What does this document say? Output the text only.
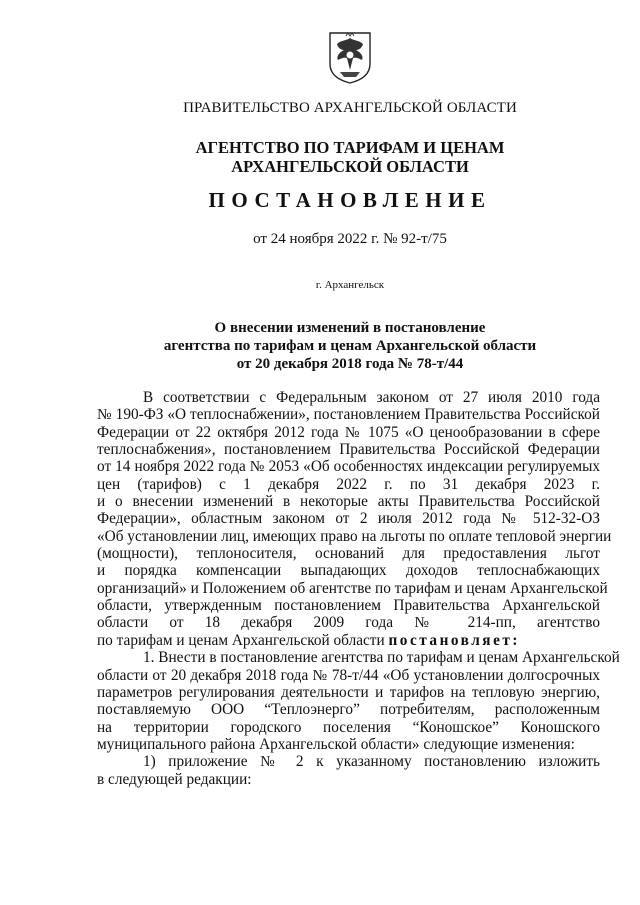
ПРАВИТЕЛЬСТВО АРХАНГЕЛЬСКОЙ ОБЛАСТИ
АГЕНТСТВО ПО ТАРИФАМ И ЦЕНАМ
АРХАНГЕЛЬСКОЙ ОБЛАСТИ
ПОСТАНОВЛЕНИЕ
от 24 ноября 2022 г. № 92-т/75
г. Архангельск
О внесении изменений в постановление
агентства по тарифам и ценам Архангельской области
от 20 декабря 2018 года № 78-т/44
В соответствии с Федеральным законом от 27 июля 2010 года
№ 190-ФЗ «О теплоснабжении», постановлением Правительства Российской
Федерации от 22 октября 2012 года № 1075 «О ценообразовании в сфере
теплоснабжения», постановлением Правительства Российской Федерации
от 14 ноября 2022 года № 2053 «Об особенностях индексации регулируемых
цен (тарифов) с 1 декабря 2022 г. по 31 декабря 2023 г.
и о внесении изменений в некоторые акты Правительства Российской
Федерации», областным законом от 2 июля 2012 года № 512-32-ОЗ
«Об установлении лиц, имеющих право на льготы по оплате тепловой энергии
(мощности), теплоносителя, оснований для предоставления льгот
и порядка компенсации выпадающих доходов теплоснабжающих
организаций» и Положением об агентстве по тарифам и ценам Архангельской
области, утвержденным постановлением Правительства Архангельской
области от 18 декабря 2009 года № 214-пп, агентство
по тарифам и ценам Архангельской области постановляет:
1. Внести в постановление агентства по тарифам и ценам Архангельской
области от 20 декабря 2018 года № 78-т/44 «Об установлении долгосрочных
параметров регулирования деятельности и тарифов на тепловую энергию,
поставляемую ООО “Теплоэнерго” потребителям, расположенным
на территории городского поселения “Коношское” Коношского
муниципального района Архангельской области» следующие изменения:
1) приложение № 2 к указанному постановлению изложить
в следующей редакции:
